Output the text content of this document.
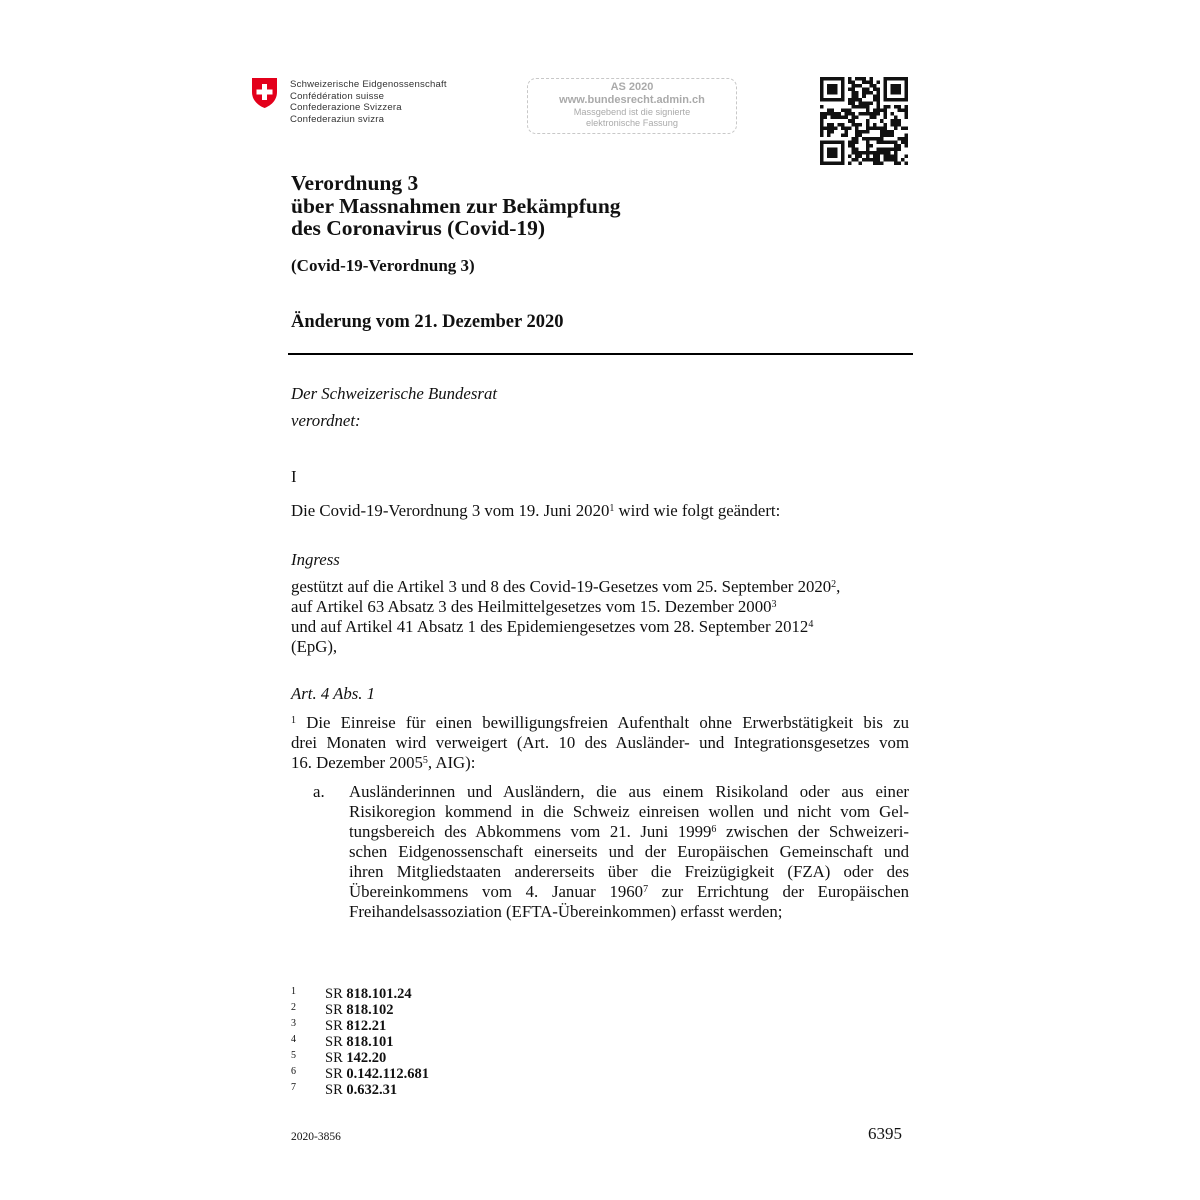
Schweizerische Eidgenossenschaft
Confédération suisse
Confederazione Svizzera
Confederaziun svizra
AS 2020
www.bundesrecht.admin.ch
Massgebend ist die signierte
elektronische Fassung
Verordnung 3
über Massnahmen zur Bekämpfung
des Coronavirus (Covid-19)
(Covid-19-Verordnung 3)
Änderung vom 21. Dezember 2020
Der Schweizerische Bundesrat
verordnet:
I
Die Covid-19-Verordnung 3 vom 19. Juni 2020$^1$ wird wie folgt geändert:
Ingress
gestützt auf die Artikel 3 und 8 des Covid-19-Gesetzes vom 25. September 2020$^2$,
auf Artikel 63 Absatz 3 des Heilmittelgesetzes vom 15. Dezember 2000$^3$
und auf Artikel 41 Absatz 1 des Epidemiengesetzes vom 28. September 2012$^4$
(EpG),
Art. 4 Abs. 1
$^1$ Die Einreise für einen bewilligungsfreien Aufenthalt ohne Erwerbstätigkeit bis zu
drei Monaten wird verweigert (Art. 10 des Ausländer- und Integrationsgesetzes vom
16. Dezember 2005$^5$, AIG):
a. Ausländerinnen und Ausländern, die aus einem Risikoland oder aus einer
Risikoregion kommend in die Schweiz einreisen wollen und nicht vom Gel-
tungsbereich des Abkommens vom 21. Juni 1999$^6$ zwischen der Schweizeri-
schen Eidgenossenschaft einerseits und der Europäischen Gemeinschaft und
ihren Mitgliedstaaten andererseits über die Freizügigkeit (FZA) oder des
Übereinkommens vom 4. Januar 1960$^7$ zur Errichtung der Europäischen
Freihandelsassoziation (EFTA-Übereinkommen) erfasst werden;
1 SR 818.101.24
2 SR 818.102
3 SR 812.21
4 SR 818.101
5 SR 142.20
6 SR 0.142.112.681
7 SR 0.632.31
2020-3856	6395
